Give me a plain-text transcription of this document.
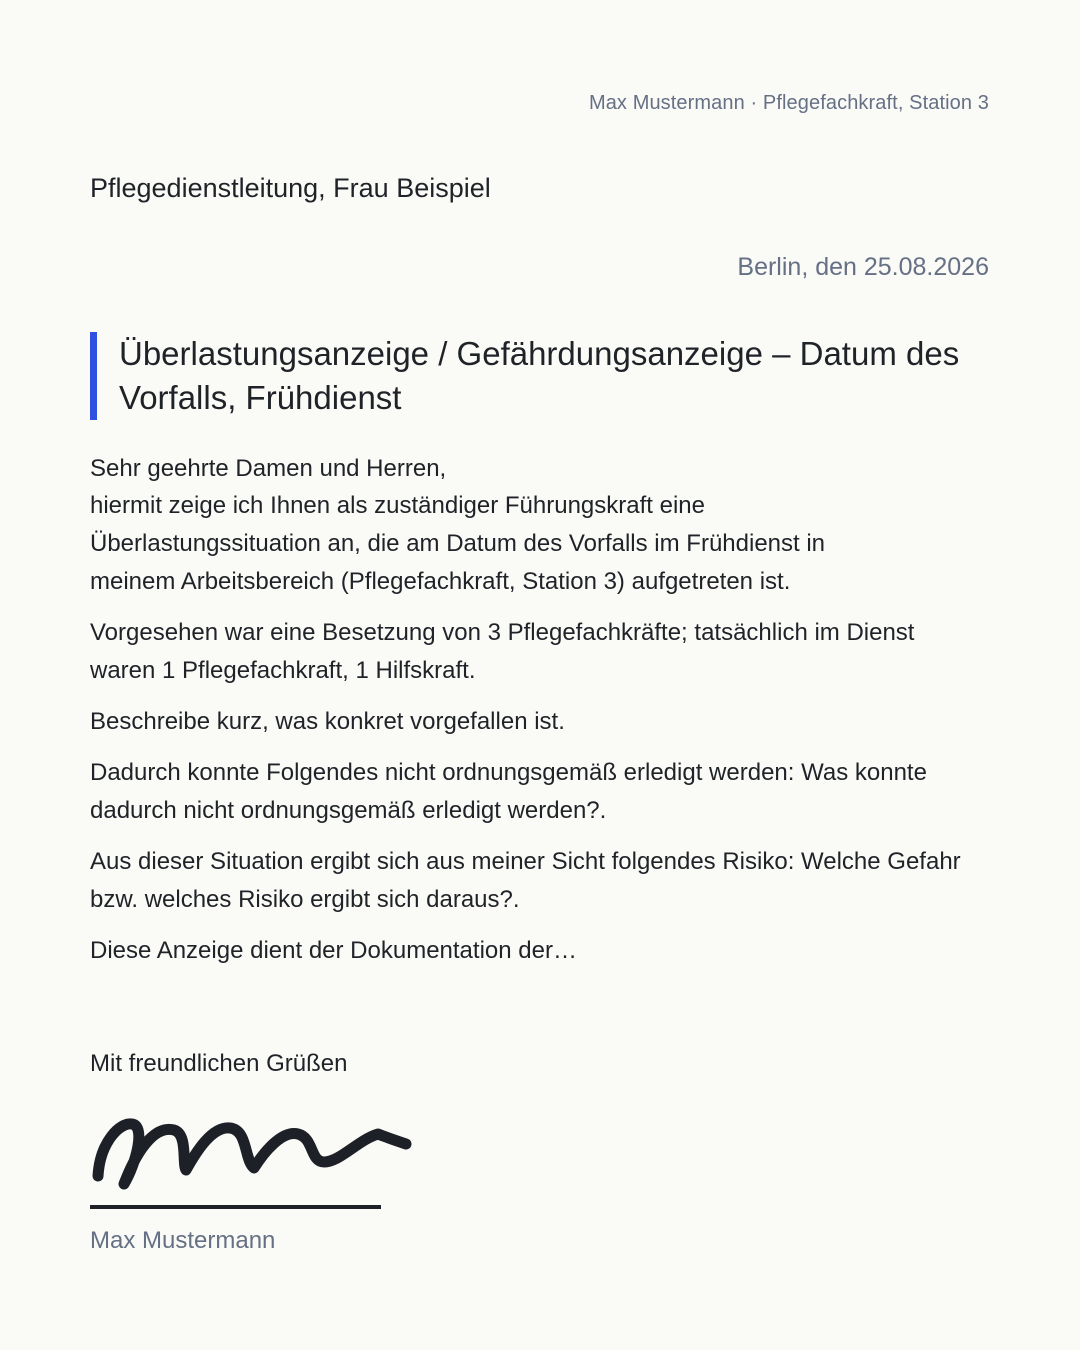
Max Mustermann · Pflegefachkraft, Station 3
Pflegedienstleitung, Frau Beispiel
Berlin, den 25.08.2026
Überlastungsanzeige / Gefährdungsanzeige – Datum des Vorfalls, Frühdienst

Sehr geehrte Damen und Herren,

hiermit zeige ich Ihnen als zuständiger Führungskraft eine Überlastungssituation an, die am Datum des Vorfalls im Frühdienst in meinem Arbeitsbereich (Pflegefachkraft, Station 3) aufgetreten ist.

Vorgesehen war eine Besetzung von 3 Pflegefachkräfte; tatsächlich im Dienst waren 1 Pflegefachkraft, 1 Hilfskraft.

Beschreibe kurz, was konkret vorgefallen ist.

Dadurch konnte Folgendes nicht ordnungsgemäß erledigt werden: Was konnte dadurch nicht ordnungsgemäß erledigt werden?.

Aus dieser Situation ergibt sich aus meiner Sicht folgendes Risiko: Welche Gefahr bzw. welches Risiko ergibt sich daraus?.

Diese Anzeige dient der Dokumentation der…

Mit freundlichen Grüßen
Max Mustermann
